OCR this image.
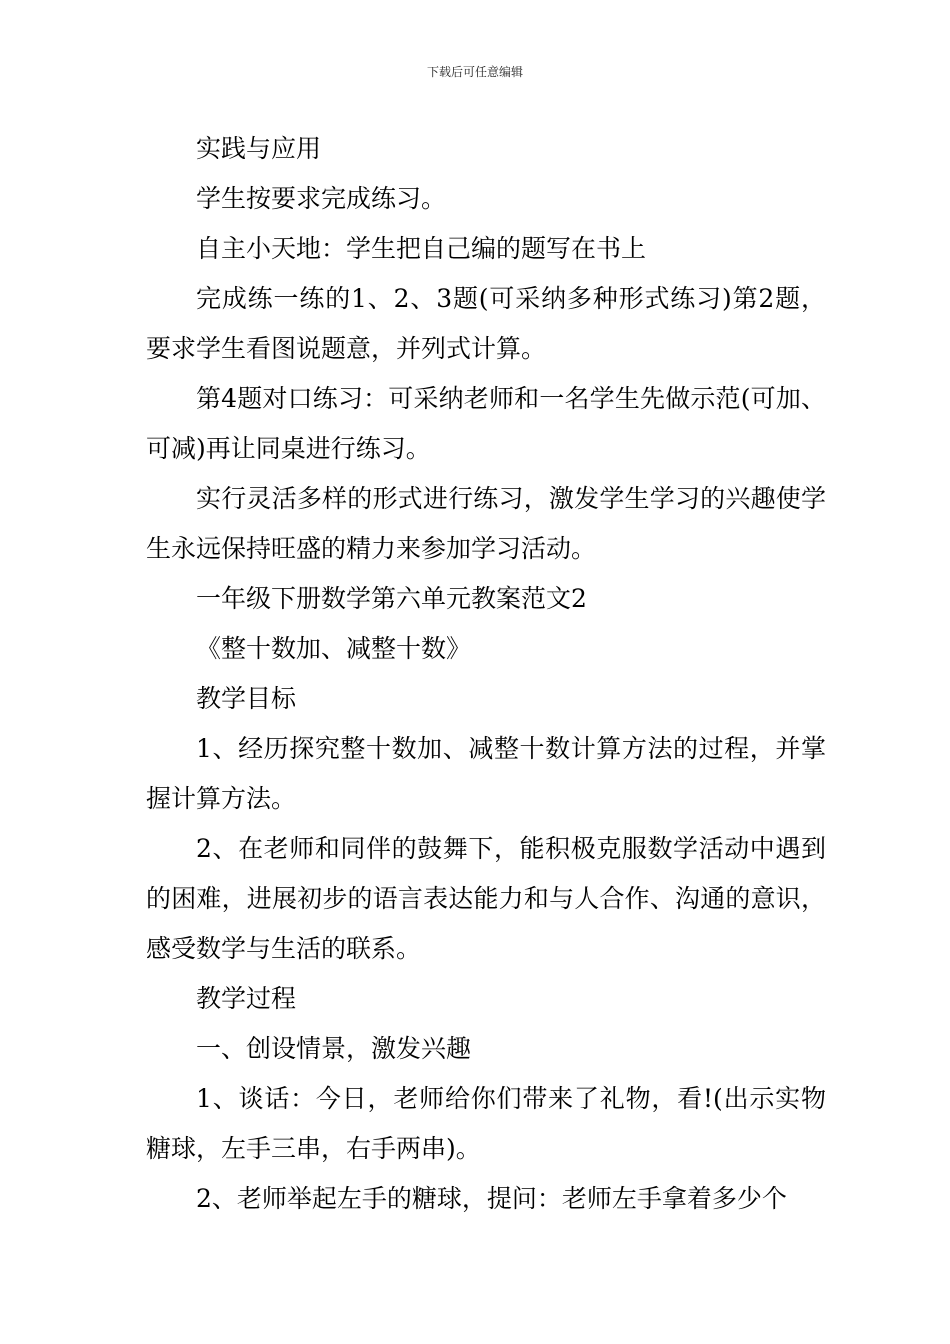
下载后可任意编辑

实践与应用

学生按要求完成练习。

自主小天地：学生把自己编的题写在书上

完成练一练的1、2、3题(可采纳多种形式练习)第2题，要求学生看图说题意，并列式计算。

第4题对口练习：可采纳老师和一名学生先做示范(可加、可减)再让同桌进行练习。

实行灵活多样的形式进行练习，激发学生学习的兴趣使学生永远保持旺盛的精力来参加学习活动。

一年级下册数学第六单元教案范文2

《整十数加、减整十数》

教学目标

1、经历探究整十数加、减整十数计算方法的过程，并掌握计算方法。

2、在老师和同伴的鼓舞下，能积极克服数学活动中遇到的困难，进展初步的语言表达能力和与人合作、沟通的意识，感受数学与生活的联系。

教学过程

一、创设情景，激发兴趣

1、谈话：今日，老师给你们带来了礼物，看!(出示实物糖球，左手三串，右手两串)。

2、老师举起左手的糖球，提问：老师左手拿着多少个
